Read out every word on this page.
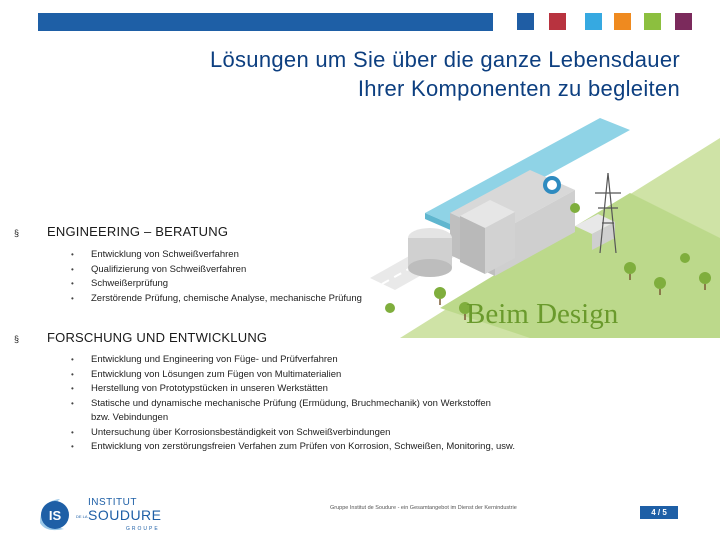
Lösungen um Sie über die ganze Lebensdauer
Ihrer Komponenten zu begleiten
§ ENGINEERING – BERATUNG
• Entwicklung von Schweißverfahren
• Qualifizierung von Schweißverfahren
• Schweißerprüfung
• Zerstörende Prüfung, chemische Analyse, mechanische Prüfung	Beim Design
§ FORSCHUNG UND ENTWICKLUNG
• Entwicklung und Engineering von Füge- und Prüfverfahren
• Entwicklung von Lösungen zum Fügen von Multimaterialien
• Herstellung von Prototypstücken in unseren Werkstätten
• Statische und dynamische mechanische Prüfung (Ermüdung, Bruchmechanik) von Werkstoffen
bzw. Vebindungen
• Untersuchung über Korrosionsbeständigkeit von Schweißverbindungen
• Entwicklung von zerstörungsfreien Verfahen zum Prüfen von Korrosion, Schweißen, Monitoring, usw.
IS
INSTITUT
DE LA SOUDURE
GROUPE
Gruppe Institut de Soudure - ein Gesamtangebot im Dienst der Kernindustrie	4 / 5
